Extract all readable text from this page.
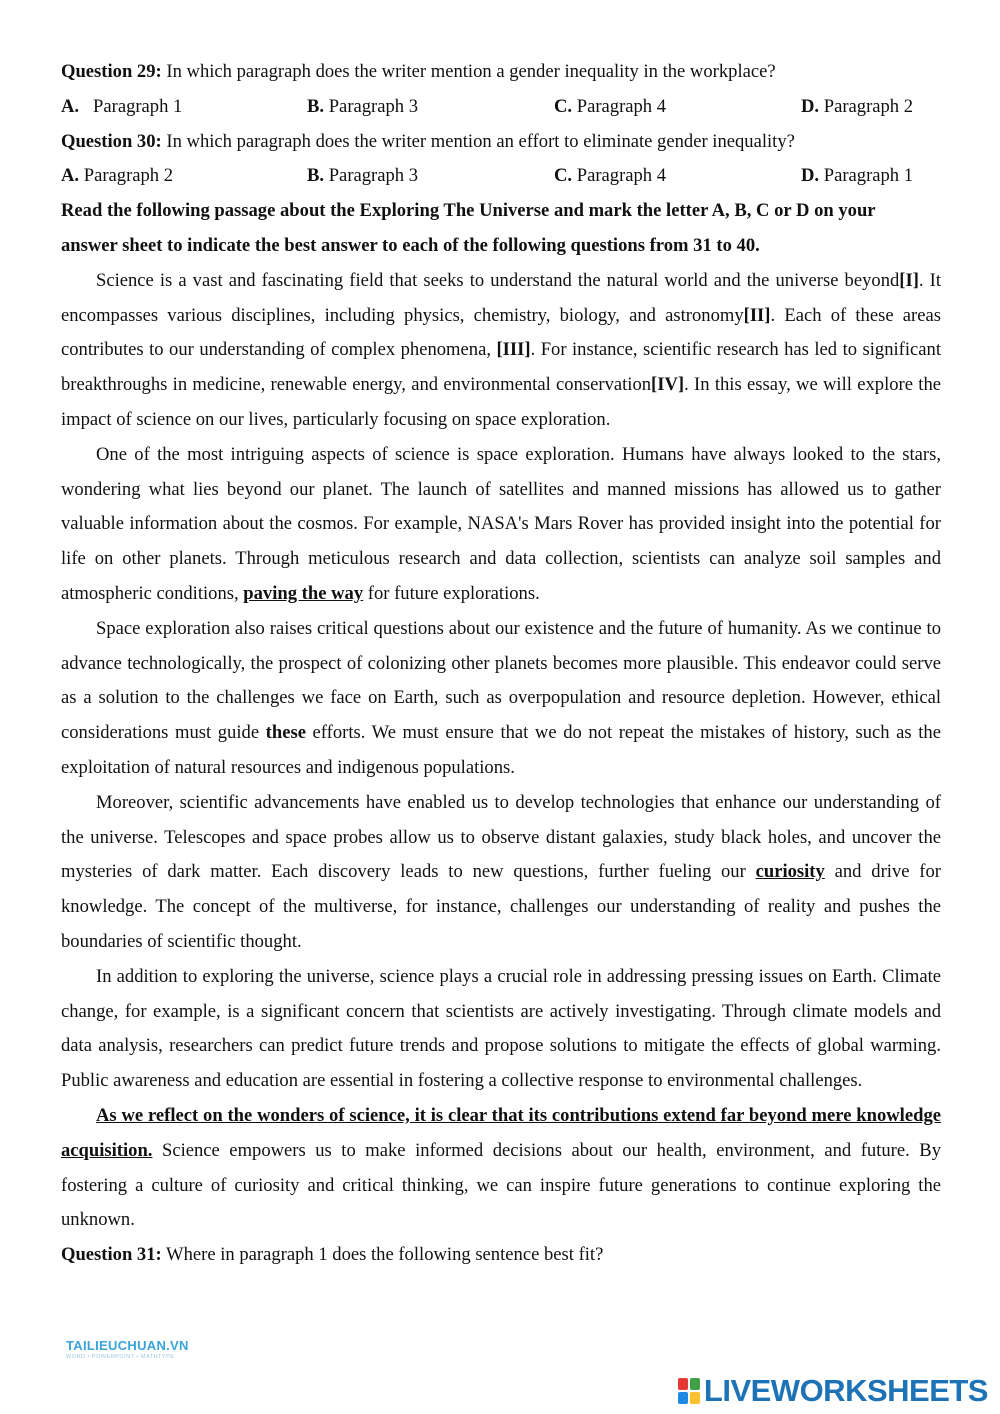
Question 29: In which paragraph does the writer mention a gender inequality in the workplace?
A. Paragraph 1	B. Paragraph 3	C. Paragraph 4	D. Paragraph 2
Question 30: In which paragraph does the writer mention an effort to eliminate gender inequality?
A. Paragraph 2	B. Paragraph 3	C. Paragraph 4	D. Paragraph 1
Read the following passage about the Exploring The Universe and mark the letter A, B, C or D on your
answer sheet to indicate the best answer to each of the following questions from 31 to 40.
Science is a vast and fascinating field that seeks to understand the natural world and the universe beyond[I]. It encompasses various disciplines, including physics, chemistry, biology, and astronomy[II]. Each of these areas contributes to our understanding of complex phenomena, [III]. For instance, scientific research has led to significant breakthroughs in medicine, renewable energy, and environmental conservation[IV]. In this essay, we will explore the impact of science on our lives, particularly focusing on space exploration.
One of the most intriguing aspects of science is space exploration. Humans have always looked to the stars, wondering what lies beyond our planet. The launch of satellites and manned missions has allowed us to gather valuable information about the cosmos. For example, NASA's Mars Rover has provided insight into the potential for life on other planets. Through meticulous research and data collection, scientists can analyze soil samples and atmospheric conditions, paving the way for future explorations.
Space exploration also raises critical questions about our existence and the future of humanity. As we continue to advance technologically, the prospect of colonizing other planets becomes more plausible. This endeavor could serve as a solution to the challenges we face on Earth, such as overpopulation and resource depletion. However, ethical considerations must guide these efforts. We must ensure that we do not repeat the mistakes of history, such as the exploitation of natural resources and indigenous populations.
Moreover, scientific advancements have enabled us to develop technologies that enhance our understanding of the universe. Telescopes and space probes allow us to observe distant galaxies, study black holes, and uncover the mysteries of dark matter. Each discovery leads to new questions, further fueling our curiosity and drive for knowledge. The concept of the multiverse, for instance, challenges our understanding of reality and pushes the boundaries of scientific thought.
In addition to exploring the universe, science plays a crucial role in addressing pressing issues on Earth. Climate change, for example, is a significant concern that scientists are actively investigating. Through climate models and data analysis, researchers can predict future trends and propose solutions to mitigate the effects of global warming. Public awareness and education are essential in fostering a collective response to environmental challenges.
As we reflect on the wonders of science, it is clear that its contributions extend far beyond mere knowledge acquisition. Science empowers us to make informed decisions about our health, environment, and future. By fostering a culture of curiosity and critical thinking, we can inspire future generations to continue exploring the unknown.
Question 31: Where in paragraph 1 does the following sentence best fit?
TAILIEUCHUAN.VN
WORD • POWERPOINT • MATHTYPE
LIVEWORKSHEETS
